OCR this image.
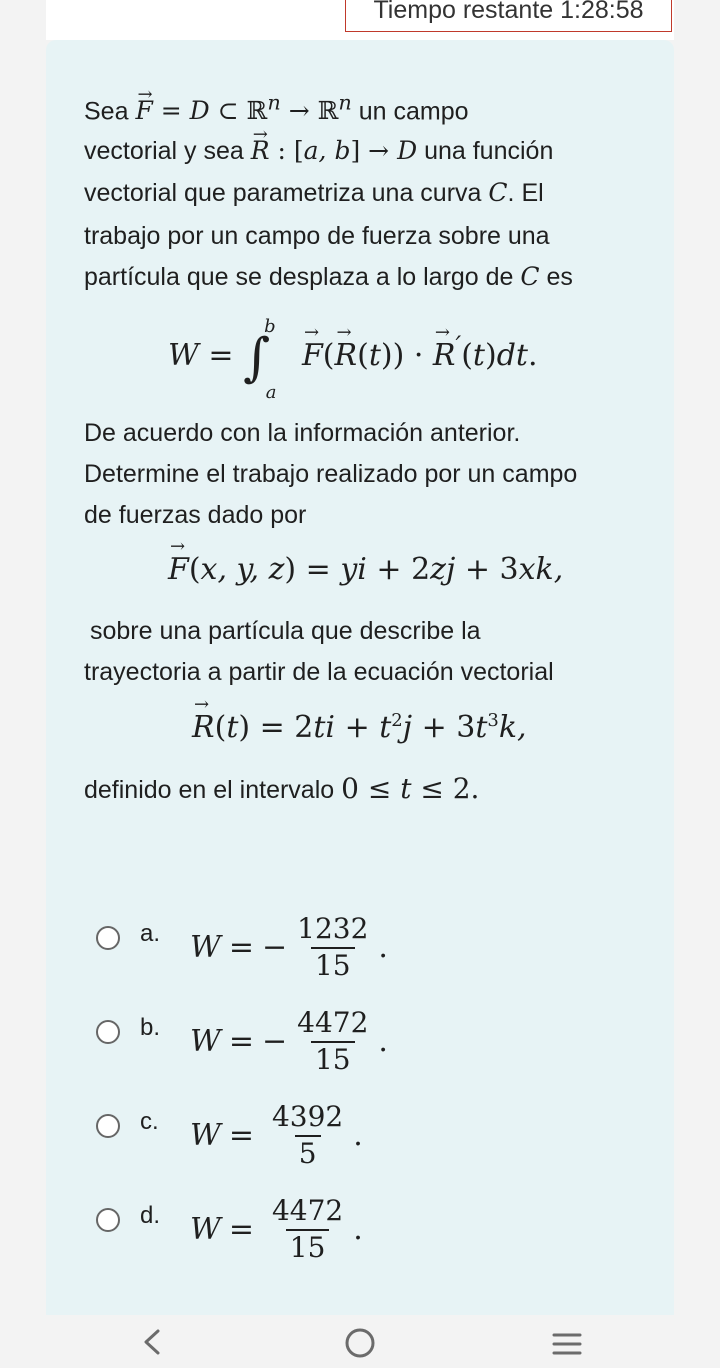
Tiempo restante 1:28:58
Sea → F = D ⊂ ℝ$^n$ → ℝ$^n$ un campo
vectorial y sea → R : [a, b] → D una función
vectorial que parametriza una curva C. El
trabajo por un campo de fuerza sobre una
partícula que se desplaza a lo largo de C es
W = ∫$^b_a$ → F(→ R(t)) · → R′(t)dt.
De acuerdo con la información anterior.
Determine el trabajo realizado por un campo
de fuerzas dado por
→ F(x, y, z) = yi + 2zj + 3xk,
sobre una partícula que describe la
trayectoria a partir de la ecuación vectorial
→ $R(t) = 2ti + t^2j + 3t^3k$,
definido en el intervalo 0 ≤ t ≤ 2.
a. W = − $\frac{1232}{15}$ .
b. W = − $\frac{4472}{15}$ .
c. $W = \frac{4392}{5}$ .
d. $W = \frac{4472}{15}$ .
